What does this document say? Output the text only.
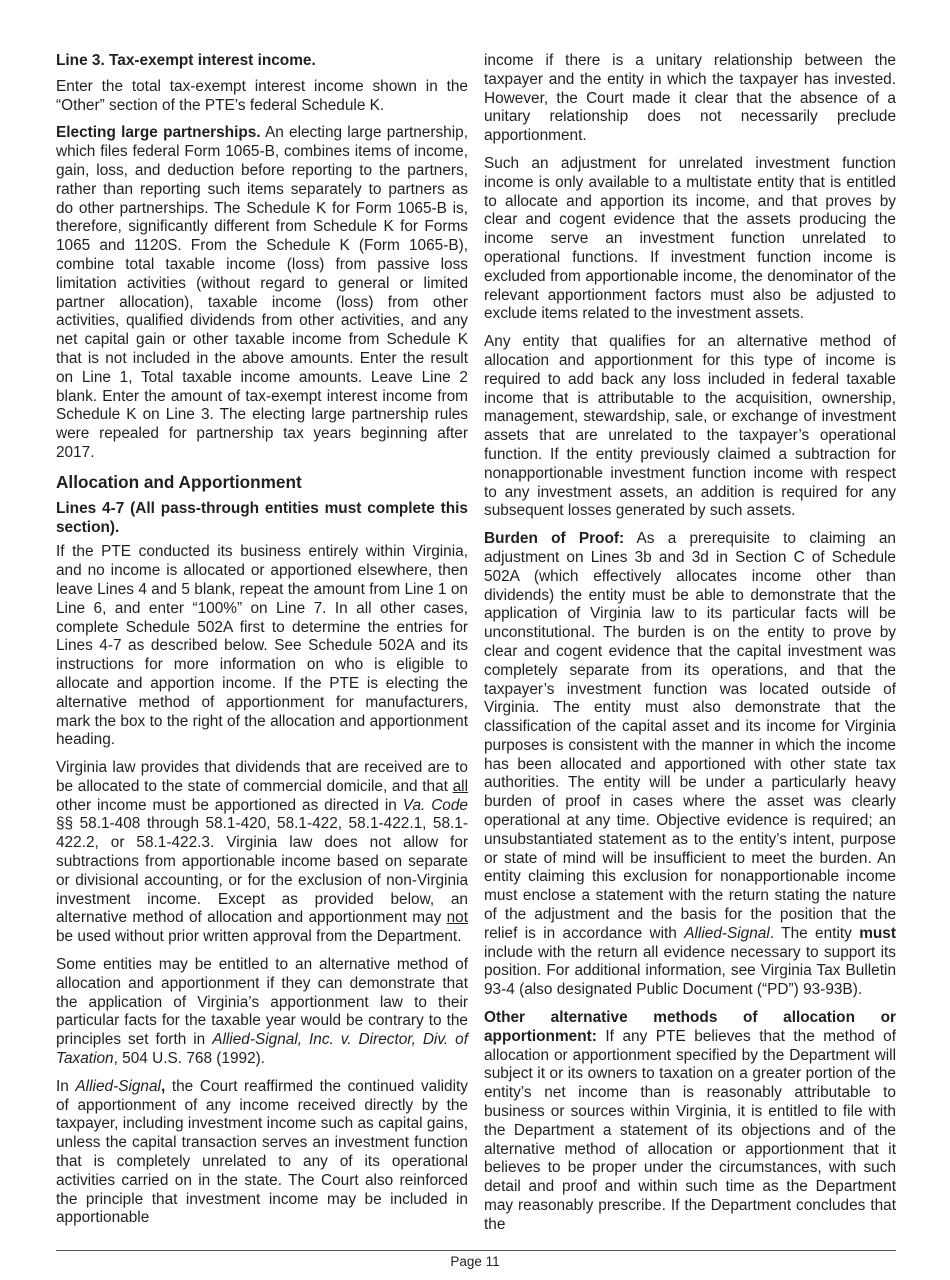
Line 3. Tax-exempt interest income.

Enter the total tax-exempt interest income shown in the “Other” section of the PTE’s federal Schedule K.

Electing large partnerships. An electing large partnership, which files federal Form 1065-B, combines items of income, gain, loss, and deduction before reporting to the partners, rather than reporting such items separately to partners as do other partnerships. The Schedule K for Form 1065-B is, therefore, significantly different from Schedule K for Forms 1065 and 1120S. From the Schedule K (Form 1065-B), combine total taxable income (loss) from passive loss limitation activities (without regard to general or limited partner allocation), taxable income (loss) from other activities, qualified dividends from other activities, and any net capital gain or other taxable income from Schedule K that is not included in the above amounts. Enter the result on Line 1, Total taxable income amounts. Leave Line 2 blank. Enter the amount of tax-exempt interest income from Schedule K on Line 3. The electing large partnership rules were repealed for partnership tax years beginning after 2017.

Allocation and Apportionment

Lines 4-7 (All pass-through entities must complete this section).

If the PTE conducted its business entirely within Virginia, and no income is allocated or apportioned elsewhere, then leave Lines 4 and 5 blank, repeat the amount from Line 1 on Line 6, and enter “100%” on Line 7. In all other cases, complete Schedule 502A first to determine the entries for Lines 4-7 as described below. See Schedule 502A and its instructions for more information on who is eligible to allocate and apportion income. If the PTE is electing the alternative method of apportionment for manufacturers, mark the box to the right of the allocation and apportionment heading.

Virginia law provides that dividends that are received are to be allocated to the state of commercial domicile, and that all other income must be apportioned as directed in Va. Code §§ 58.1-408 through 58.1-420, 58.1-422, 58.1-422.1, 58.1-422.2, or 58.1-422.3. Virginia law does not allow for subtractions from apportionable income based on separate or divisional accounting, or for the exclusion of non-Virginia investment income. Except as provided below, an alternative method of allocation and apportionment may not be used without prior written approval from the Department.

Some entities may be entitled to an alternative method of allocation and apportionment if they can demonstrate that the application of Virginia’s apportionment law to their particular facts for the taxable year would be contrary to the principles set forth in Allied-Signal, Inc. v. Director, Div. of Taxation, 504 U.S. 768 (1992).

In Allied-Signal, the Court reaffirmed the continued validity of apportionment of any income received directly by the taxpayer, including investment income such as capital gains, unless the capital transaction serves an investment function that is completely unrelated to any of its operational activities carried on in the state. The Court also reinforced the principle that investment income may be included in apportionable

income if there is a unitary relationship between the taxpayer and the entity in which the taxpayer has invested. However, the Court made it clear that the absence of a unitary relationship does not necessarily preclude apportionment.

Such an adjustment for unrelated investment function income is only available to a multistate entity that is entitled to allocate and apportion its income, and that proves by clear and cogent evidence that the assets producing the income serve an investment function unrelated to operational functions. If investment function income is excluded from apportionable income, the denominator of the relevant apportionment factors must also be adjusted to exclude items related to the investment assets.

Any entity that qualifies for an alternative method of allocation and apportionment for this type of income is required to add back any loss included in federal taxable income that is attributable to the acquisition, ownership, management, stewardship, sale, or exchange of investment assets that are unrelated to the taxpayer’s operational function. If the entity previously claimed a subtraction for nonapportionable investment function income with respect to any investment assets, an addition is required for any subsequent losses generated by such assets.

Burden of Proof: As a prerequisite to claiming an adjustment on Lines 3b and 3d in Section C of Schedule 502A (which effectively allocates income other than dividends) the entity must be able to demonstrate that the application of Virginia law to its particular facts will be unconstitutional. The burden is on the entity to prove by clear and cogent evidence that the capital investment was completely separate from its operations, and that the taxpayer’s investment function was located outside of Virginia. The entity must also demonstrate that the classification of the capital asset and its income for Virginia purposes is consistent with the manner in which the income has been allocated and apportioned with other state tax authorities. The entity will be under a particularly heavy burden of proof in cases where the asset was clearly operational at any time. Objective evidence is required; an unsubstantiated statement as to the entity’s intent, purpose or state of mind will be insufficient to meet the burden. An entity claiming this exclusion for nonapportionable income must enclose a statement with the return stating the nature of the adjustment and the basis for the position that the relief is in accordance with Allied-Signal. The entity must include with the return all evidence necessary to support its position. For additional information, see Virginia Tax Bulletin 93-4 (also designated Public Document (“PD”) 93-93B).

Other alternative methods of allocation or apportionment: If any PTE believes that the method of allocation or apportionment specified by the Department will subject it or its owners to taxation on a greater portion of the entity’s net income than is reasonably attributable to business or sources within Virginia, it is entitled to file with the Department a statement of its objections and of the alternative method of allocation or apportionment that it believes to be proper under the circumstances, with such detail and proof and within such time as the Department may reasonably prescribe. If the Department concludes that the

Page 11
